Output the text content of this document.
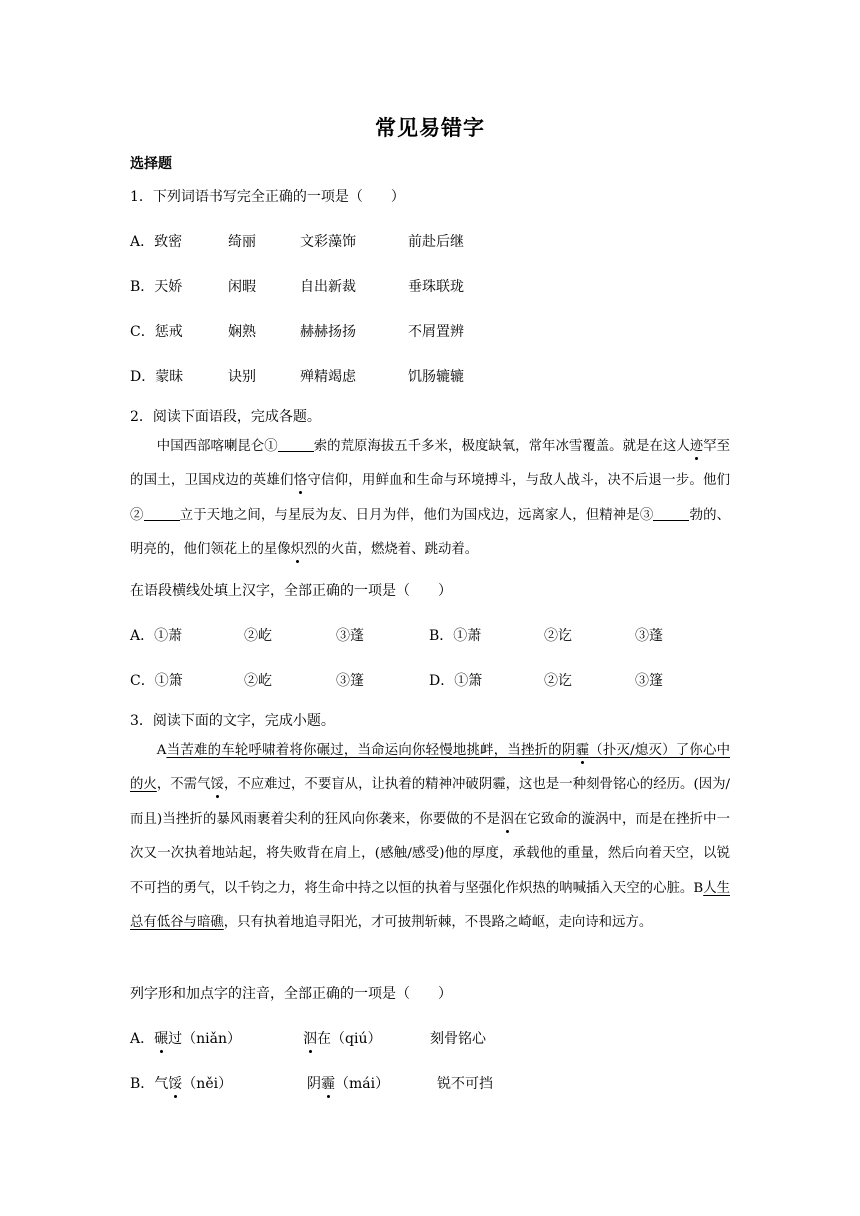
常见易错字
选择题
1．下列词语书写完全正确的一项是（　　）
A．致密	绮丽	文彩藻饰	前赴后继
B．天娇	闲暇	自出新裁	垂珠联珑
C．惩戒	娴熟	赫赫扬扬	不屑置辨
D．蒙昧	诀别	殚精竭虑	饥肠辘辘
2．阅读下面语段，完成各题。

中国西部喀喇昆仑①	索的荒原海拔五千多米，极度缺氧，常年冰雪覆盖。就是在这人迹罕至的国土，卫国戍边的英雄们恪守信仰，用鲜血和生命与环境搏斗，与敌人战斗，决不后退一步。他们②	立于天地之间，与星辰为友、日月为伴，他们为国戍边，远离家人，但精神是③	勃的、明亮的，他们领花上的星像炽烈的火苗，燃烧着、跳动着。

在语段横线处填上汉字，全部正确的一项是（　　）
A．①萧	②屹	③蓬	B．①萧	②讫	③蓬
C．①箫	②屹	③篷	D．①箫	②讫	③篷
3．阅读下面的文字，完成小题。

A当苦难的车轮呼啸着将你碾过，当命运向你轻慢地挑衅，当挫折的阴霾（扑灭/熄灭）了你心中的火，不需气馁，不应难过，不要盲从，让执着的精神冲破阴霾，这也是一种刻骨铭心的经历。(因为/而且)当挫折的暴风雨裹着尖利的狂风向你袭来，你要做的不是泅在它致命的漩涡中，而是在挫折中一次又一次执着地站起，将失败背在肩上，(感触/感受)他的厚度，承载他的重量，然后向着天空，以锐不可挡的勇气，以千钧之力，将生命中持之以恒的执着与坚强化作炽热的呐喊插入天空的心脏。B人生总有低谷与暗礁，只有执着地追寻阳光，才可披荆斩棘，不畏路之崎岖，走向诗和远方。

列字形和加点字的注音，全部正确的一项是（　　）
A．碾过（niǎn）	泅在（qiú）	刻骨铭心
B．气馁（něi）	阴霾（mái）	锐不可挡
